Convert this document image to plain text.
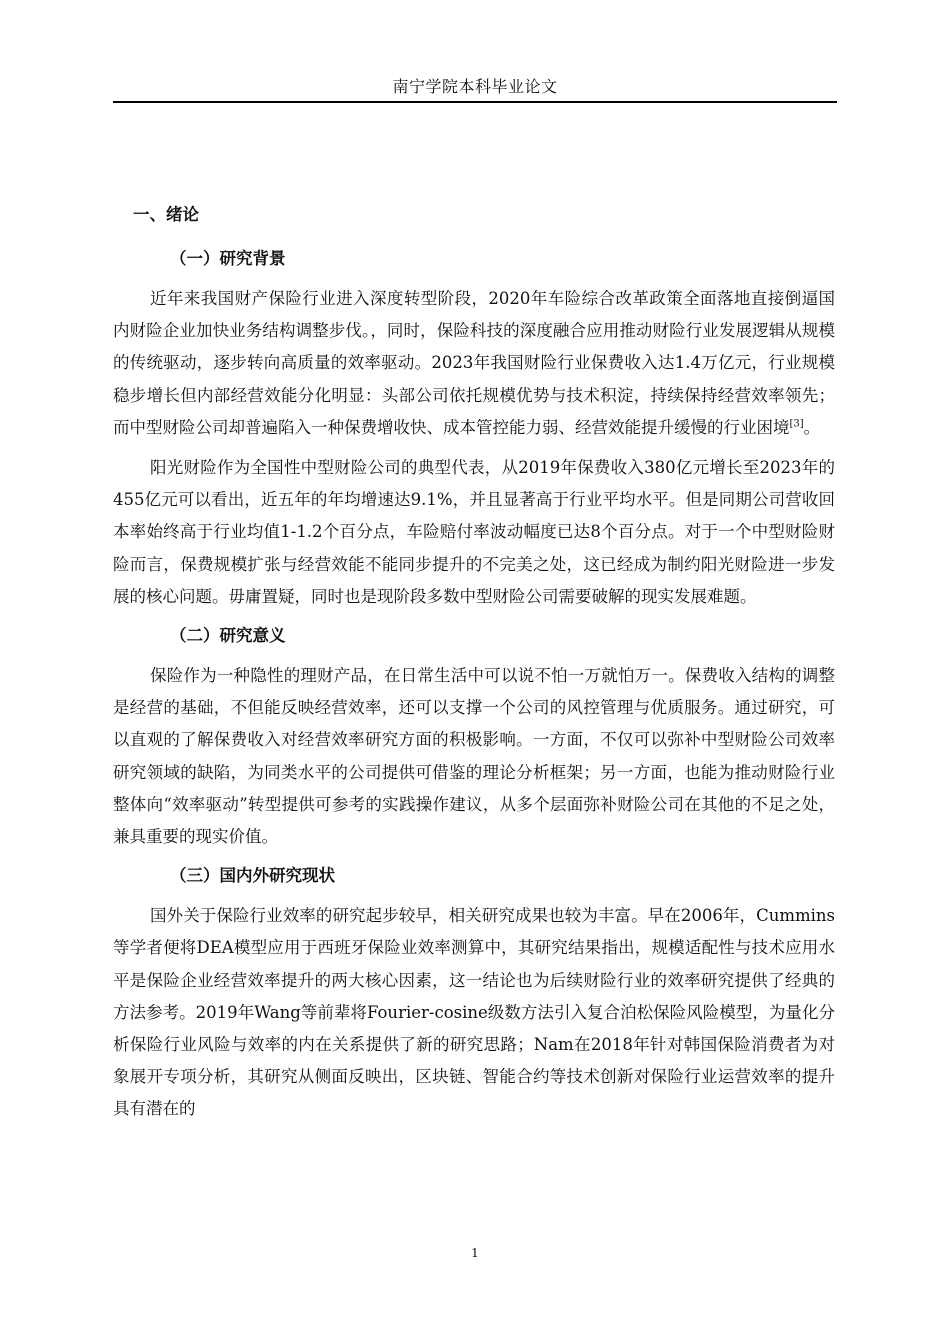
南宁学院本科毕业论文
一、绪论
（一）研究背景

近年来我国财产保险行业进入深度转型阶段，2020年车险综合改革政策全面落地直接倒逼国内财险企业加快业务结构调整步伐。，同时，保险科技的深度融合应用推动财险行业发展逻辑从规模的传统驱动，逐步转向高质量的效率驱动。2023年我国财险行业保费收入达1.4万亿元，行业规模稳步增长但内部经营效能分化明显：头部公司依托规模优势与技术积淀，持续保持经营效率领先；而中型财险公司却普遍陷入一种保费增收快、成本管控能力弱、经营效能提升缓慢的行业困境[3]。

阳光财险作为全国性中型财险公司的典型代表，从2019年保费收入380亿元增长至2023年的455亿元可以看出，近五年的年均增速达9.1%，并且显著高于行业平均水平。但是同期公司营收回本率始终高于行业均值1-1.2个百分点，车险赔付率波动幅度已达8个百分点。对于一个中型财险财险而言，保费规模扩张与经营效能不能同步提升的不完美之处，这已经成为制约阳光财险进一步发展的核心问题。毋庸置疑，同时也是现阶段多数中型财险公司需要破解的现实发展难题。

（二）研究意义

保险作为一种隐性的理财产品，在日常生活中可以说不怕一万就怕万一。保费收入结构的调整是经营的基础，不但能反映经营效率，还可以支撑一个公司的风控管理与优质服务。通过研究，可以直观的了解保费收入对经营效率研究方面的积极影响。一方面，不仅可以弥补中型财险公司效率研究领域的缺陷，为同类水平的公司提供可借鉴的理论分析框架；另一方面，也能为推动财险行业整体向“效率驱动”转型提供可参考的实践操作建议，从多个层面弥补财险公司在其他的不足之处，兼具重要的现实价值。

（三）国内外研究现状

国外关于保险行业效率的研究起步较早，相关研究成果也较为丰富。早在2006年，Cummins等学者便将DEA模型应用于西班牙保险业效率测算中，其研究结果指出，规模适配性与技术应用水平是保险企业经营效率提升的两大核心因素，这一结论也为后续财险行业的效率研究提供了经典的方法参考。2019年Wang等前辈将Fourier-cosine级数方法引入复合泊松保险风险模型，为量化分析保险行业风险与效率的内在关系提供了新的研究思路；Nam在2018年针对韩国保险消费者为对象展开专项分析，其研究从侧面反映出，区块链、智能合约等技术创新对保险行业运营效率的提升具有潜在的

1
